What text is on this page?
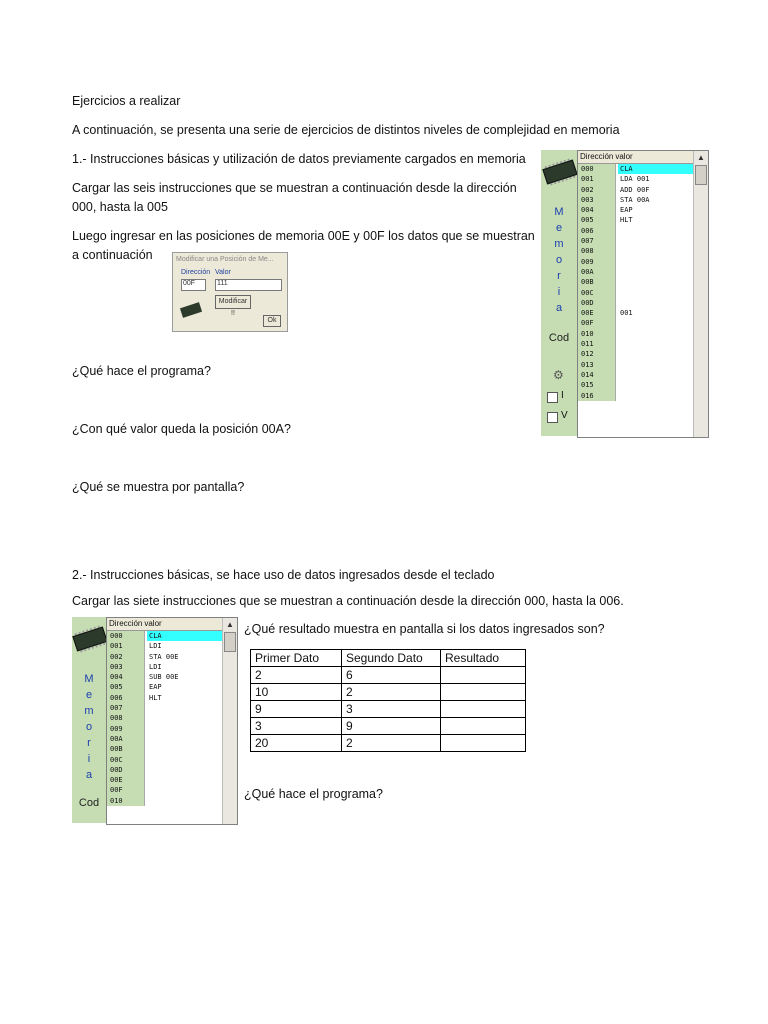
Ejercicios a realizar

A continuación, se presenta una serie de ejercicios de distintos niveles de complejidad en memoria

1.- Instrucciones básicas y utilización de datos previamente cargados en memoria

Cargar las seis instrucciones que se muestran a continuación desde la dirección

000, hasta la 005

Luego ingresar en las posiciones de memoria 00E y 00F los datos que se muestran

a continuación	Modificar una Posición de Me...
Dirección Valor
00F	111
Modificar !!
Ok

¿Qué hace el programa?

¿Con qué valor queda la posición 00A?

¿Qué se muestra por pantalla?

M
e
m
o
r
i
a
Cod
⚙
I
V
Dirección valor
000	CLA
001	LDA 001
002	ADD 00F
003	STA 00A
004	EAP
005	HLT
006
007
008
009
00A
00B
00C
00D
00E	001
00F
010
011
012
013
014
015
016
▲

2.- Instrucciones básicas, se hace uso de datos ingresados desde el teclado

Cargar las siete instrucciones que se muestran a continuación desde la dirección 000, hasta la 006.

¿Qué resultado muestra en pantalla si los datos ingresados son?

Primer Dato	Segundo Dato	Resultado
2	6	
10	2	
9	3	
3	9	
20	2	

¿Qué hace el programa?

M
e
m
o
r
i
a
Cod
Dirección valor
000	CLA
001	LDI
002	STA 00E
003	LDI
004	SUB 00E
005	EAP
006	HLT
007
008
009
00A
00B
00C
00D
00E
00F
010
▲
